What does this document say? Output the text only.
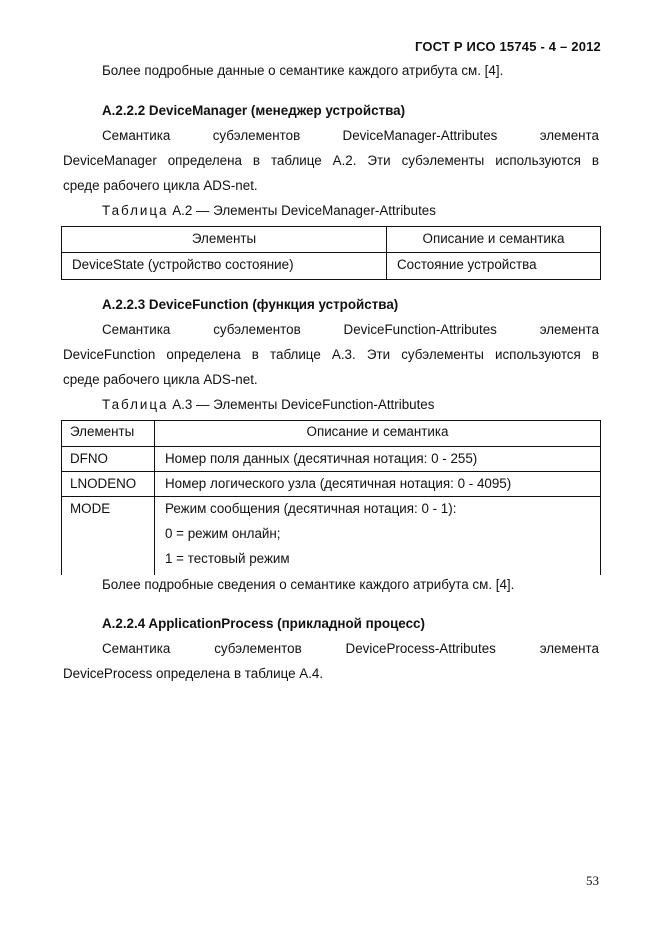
ГОСТ Р ИСО 15745 - 4 – 2012
Более подробные данные о семантике каждого атрибута см. [4].
A.2.2.2 DeviceManager (менеджер устройства)
Семантика	субэлементов	DeviceManager-Attributes	элемента
DeviceManager определена в таблице А.2. Эти субэлементы используются в
среде рабочего цикла ADS-net.
Таблица A.2 — Элементы DeviceManager-Attributes
Элементы	Описание и семантика
DeviceState (устройство состояние)	Состояние устройства
A.2.2.3 DeviceFunction (функция устройства)
Семантика	субэлементов	DeviceFunction-Attributes	элемента
DeviceFunction определена в таблице А.3. Эти субэлементы используются в
среде рабочего цикла ADS-net.
Таблица A.3 — Элементы DeviceFunction-Attributes
Элементы	Описание и семантика
DFNO	Номер поля данных (десятичная нотация: 0 - 255)
LNODENO	Номер логического узла (десятичная нотация: 0 - 4095)
MODE	Режим сообщения (десятичная нотация: 0 - 1):
0 = режим онлайн;
1 = тестовый режим
Более подробные сведения о семантике каждого атрибута см. [4].
A.2.2.4 ApplicationProcess (прикладной процесс)
Семантика	субэлементов	DeviceProcess-Attributes	элемента
DeviceProcess определена в таблице А.4.
53
